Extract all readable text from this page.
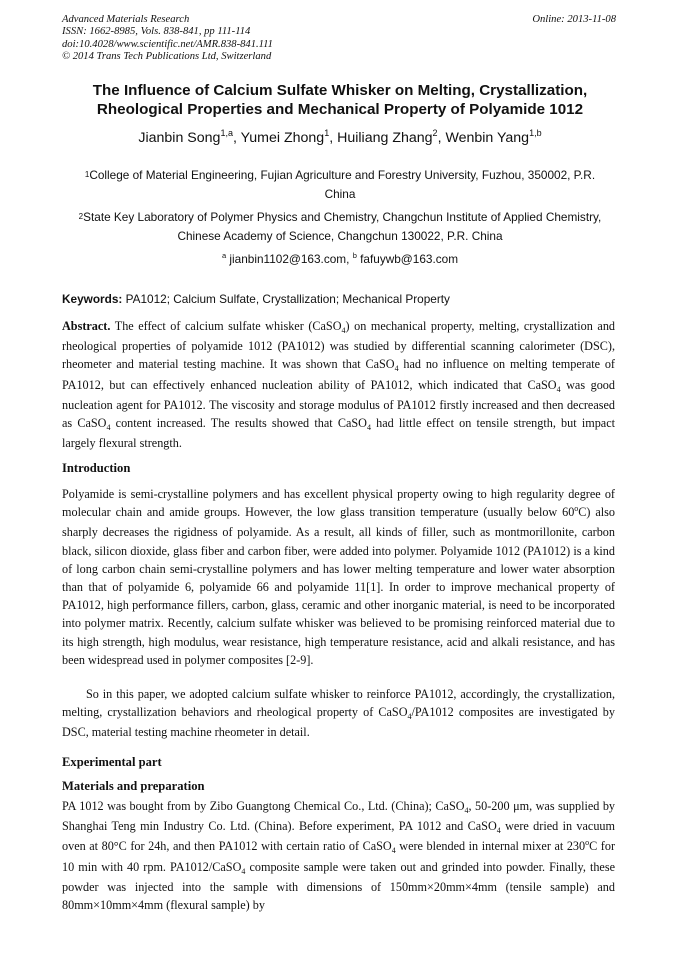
Advanced Materials Research
ISSN: 1662-8985, Vols. 838-841, pp 111-114
doi:10.4028/www.scientific.net/AMR.838-841.111
© 2014 Trans Tech Publications Ltd, Switzerland
Online: 2013-11-08
The Influence of Calcium Sulfate Whisker on Melting, Crystallization,
Rheological Properties and Mechanical Property of Polyamide 1012
Jianbin Song$^{1,a}$, Yumei Zhong$^1$, Huiliang Zhang$^2$, Wenbin Yang$^{1,b}$
$^1$College of Material Engineering, Fujian Agriculture and Forestry University, Fuzhou, 350002, P.R.
China
$^2$State Key Laboratory of Polymer Physics and Chemistry, Changchun Institute of Applied Chemistry,
Chinese Academy of Science, Changchun 130022, P.R. China
$^a$ jianbin1102@163.com, $^b$ fafuywb@163.com
Keywords: PA1012; Calcium Sulfate, Crystallization; Mechanical Property
Abstract. The effect of calcium sulfate whisker (CaSO$_4$) on mechanical property, melting, crystallization and rheological properties of polyamide 1012 (PA1012) was studied by differential scanning calorimeter (DSC), rheometer and material testing machine. It was shown that CaSO$_4$ had no influence on melting temperate of PA1012, but can effectively enhanced nucleation ability of PA1012, which indicated that CaSO$_4$ was good nucleation agent for PA1012. The viscosity and storage modulus of PA1012 firstly increased and then decreased as CaSO$_4$ content increased. The results showed that CaSO$_4$ had little effect on tensile strength, but impact largely flexural strength.
Introduction
Polyamide is semi-crystalline polymers and has excellent physical property owing to high regularity degree of molecular chain and amide groups. However, the low glass transition temperature (usually below 60$^o$C) also sharply decreases the rigidness of polyamide. As a result, all kinds of filler, such as montmorillonite, carbon black, silicon dioxide, glass fiber and carbon fiber, were added into polymer. Polyamide 1012 (PA1012) is a kind of long carbon chain semi-crystalline polymers and has lower melting temperature and lower water absorption than that of polyamide 6, polyamide 66 and polyamide 11[1]. In order to improve mechanical property of PA1012, high performance fillers, carbon, glass, ceramic and other inorganic material, is need to be incorporated into polymer matrix. Recently, calcium sulfate whisker was believed to be promising reinforced material due to its high strength, high modulus, wear resistance, high temperature resistance, acid and alkali resistance, and has been widespread used in polymer composites [2-9].
So in this paper, we adopted calcium sulfate whisker to reinforce PA1012, accordingly, the crystallization, melting, crystallization behaviors and rheological property of CaSO$_4$/PA1012 composites are investigated by DSC, material testing machine rheometer in detail.
Experimental part
Materials and preparation
PA 1012 was bought from by Zibo Guangtong Chemical Co., Ltd. (China); CaSO$_4$, 50-200 μm, was supplied by Shanghai Teng min Industry Co. Ltd. (China). Before experiment, PA 1012 and CaSO$_4$ were dried in vacuum oven at 80°C for 24h, and then PA1012 with certain ratio of CaSO$_4$ were blended in internal mixer at 230$^o$C for 10 min with 40 rpm. PA1012/CaSO$_4$ composite sample were taken out and grinded into powder. Finally, these powder was injected into the sample with dimensions of 150mm×20mm×4mm (tensile sample) and 80mm×10mm×4mm (flexural sample) by
